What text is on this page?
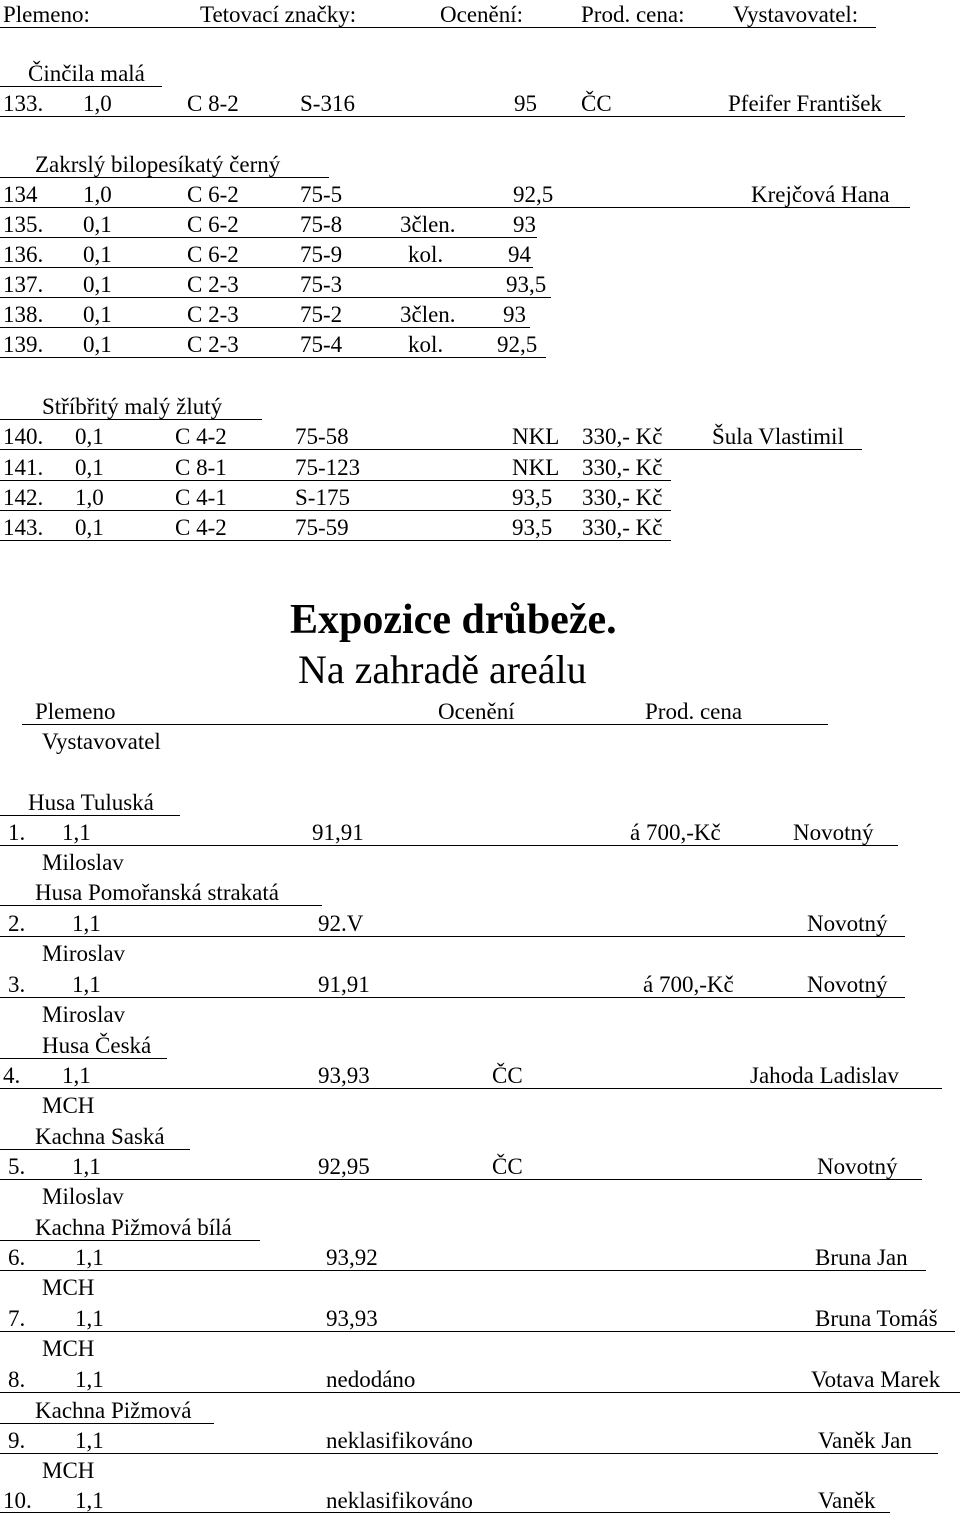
Plemeno:	Tetovací značky:	Ocenění:	Prod. cena: Vystavovatel:
Činčila malá
133. 1,0	C 8-2	S-316	95 ČC	Pfeifer František
Zakrslý bilopesíkatý černý
134 1,0	C 6-2	75-5	92,5	Krejčová Hana
135. 0,1	C 6-2	75-8	3člen. 93
136. 0,1	C 6-2	75-9	kol.	94
137. 0,1	C 2-3	75-3	93,5
138. 0,1	C 2-3	75-2	3člen. 93
139. 0,1	C 2-3	75-4	kol. 92,5
Stříbřitý malý žlutý
140. 0,1	C 4-2	75-58	NKL 330,- Kč Šula Vlastimil
141. 0,1	C 8-1	75-123	NKL 330,- Kč
142. 1,0	C 4-1	S-175	93,5 330,- Kč
143. 0,1	C 4-2	75-59	93,5 330,- Kč
Expozice drůbeže.
Na zahradě areálu
Plemeno	Ocenění	Prod. cena
Vystavovatel
Husa Tuluská
1. 1,1	91,91	á 700,-Kč	Novotný
Miloslav
Husa Pomořanská strakatá
2. 1,1	92.V	Novotný
Miroslav
3. 1,1	91,91	á 700,-Kč	Novotný
Miroslav
Husa Česká
4. 1,1	93,93	ČC	Jahoda Ladislav
MCH
Kachna Saská
5. 1,1	92,95	ČC	Novotný
Miloslav
Kachna Pižmová bílá
6. 1,1	93,92	Bruna Jan
MCH
7. 1,1	93,93	Bruna Tomáš
MCH
8. 1,1	nedodáno	Votava Marek
Kachna Pižmová
9. 1,1	neklasifikováno	Vaněk Jan
MCH
10. 1,1	neklasifikováno	Vaněk
